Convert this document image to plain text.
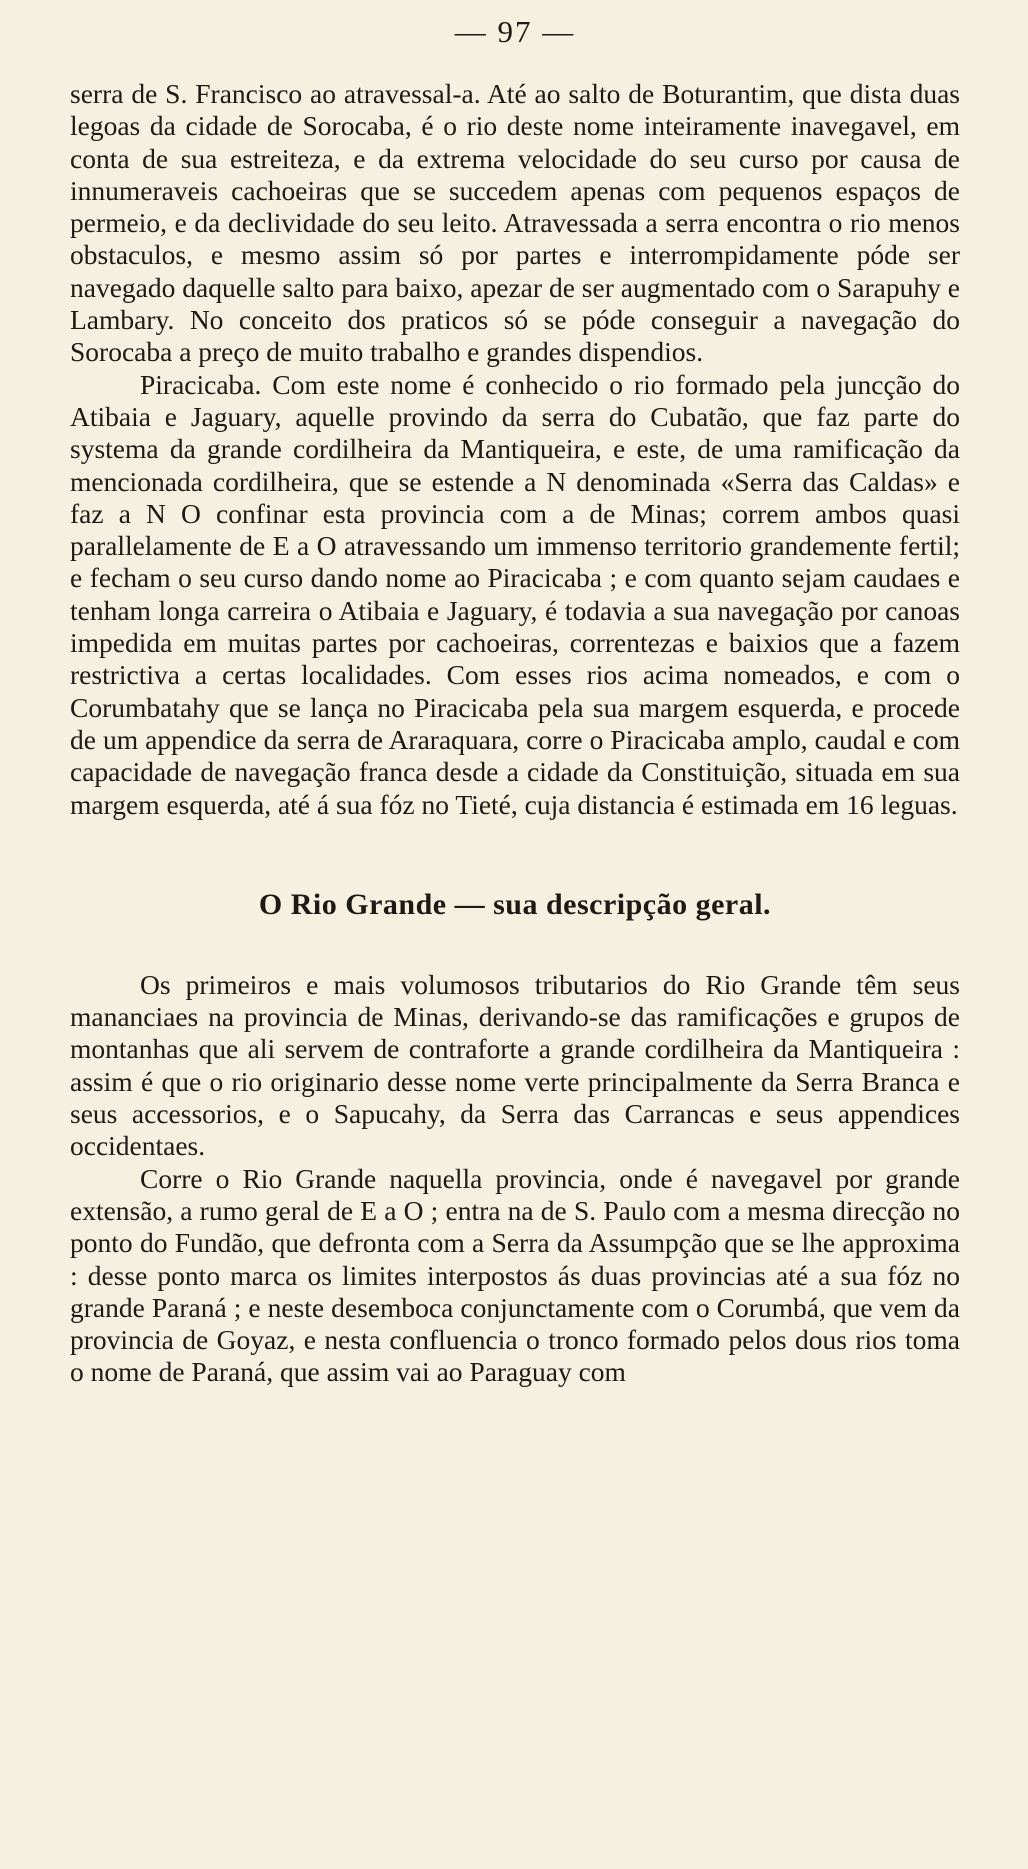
— 97 —

serra de S. Francisco ao atravessal-a. Até ao salto de Boturantim, que dista duas legoas da cidade de Sorocaba, é o rio deste nome inteiramente inavegavel, em conta de sua estreiteza, e da extrema velocidade do seu curso por causa de innumeraveis cachoeiras que se succedem apenas com pequenos espaços de permeio, e da declividade do seu leito. Atravessada a serra encontra o rio menos obstaculos, e mesmo assim só por partes e interrompidamente póde ser navegado daquelle salto para baixo, apezar de ser augmentado com o Sarapuhy e Lambary. No conceito dos praticos só se póde conseguir a navegação do Sorocaba a preço de muito trabalho e grandes dispendios.

Piracicaba. Com este nome é conhecido o rio formado pela juncção do Atibaia e Jaguary, aquelle provindo da serra do Cubatão, que faz parte do systema da grande cordilheira da Mantiqueira, e este, de uma ramificação da mencionada cordilheira, que se estende a N denominada «Serra das Caldas» e faz a N O confinar esta provincia com a de Minas; correm ambos quasi parallelamente de E a O atravessando um immenso territorio grandemente fertil; e fecham o seu curso dando nome ao Piracicaba ; e com quanto sejam caudaes e tenham longa carreira o Atibaia e Jaguary, é todavia a sua navegação por canoas impedida em muitas partes por cachoeiras, correntezas e baixios que a fazem restrictiva a certas localidades. Com esses rios acima nomeados, e com o Corumbatahy que se lança no Piracicaba pela sua margem esquerda, e procede de um appendice da serra de Araraquara, corre o Piracicaba amplo, caudal e com capacidade de navegação franca desde a cidade da Constituição, situada em sua margem esquerda, até á sua fóz no Tieté, cuja distancia é estimada em 16 leguas.

O Rio Grande — sua descripção geral.

Os primeiros e mais volumosos tributarios do Rio Grande têm seus mananciaes na provincia de Minas, derivando-se das ramificações e grupos de montanhas que ali servem de contraforte a grande cordilheira da Mantiqueira : assim é que o rio originario desse nome verte principalmente da Serra Branca e seus accessorios, e o Sapucahy, da Serra das Carrancas e seus appendices occidentaes.

Corre o Rio Grande naquella provincia, onde é navegavel por grande extensão, a rumo geral de E a O ; entra na de S. Paulo com a mesma direcção no ponto do Fundão, que defronta com a Serra da Assumpção que se lhe approxima : desse ponto marca os limites interpostos ás duas provincias até a sua fóz no grande Paraná ; e neste desemboca conjunctamente com o Corumbá, que vem da provincia de Goyaz, e nesta confluencia o tronco formado pelos dous rios toma o nome de Paraná, que assim vai ao Paraguay com
